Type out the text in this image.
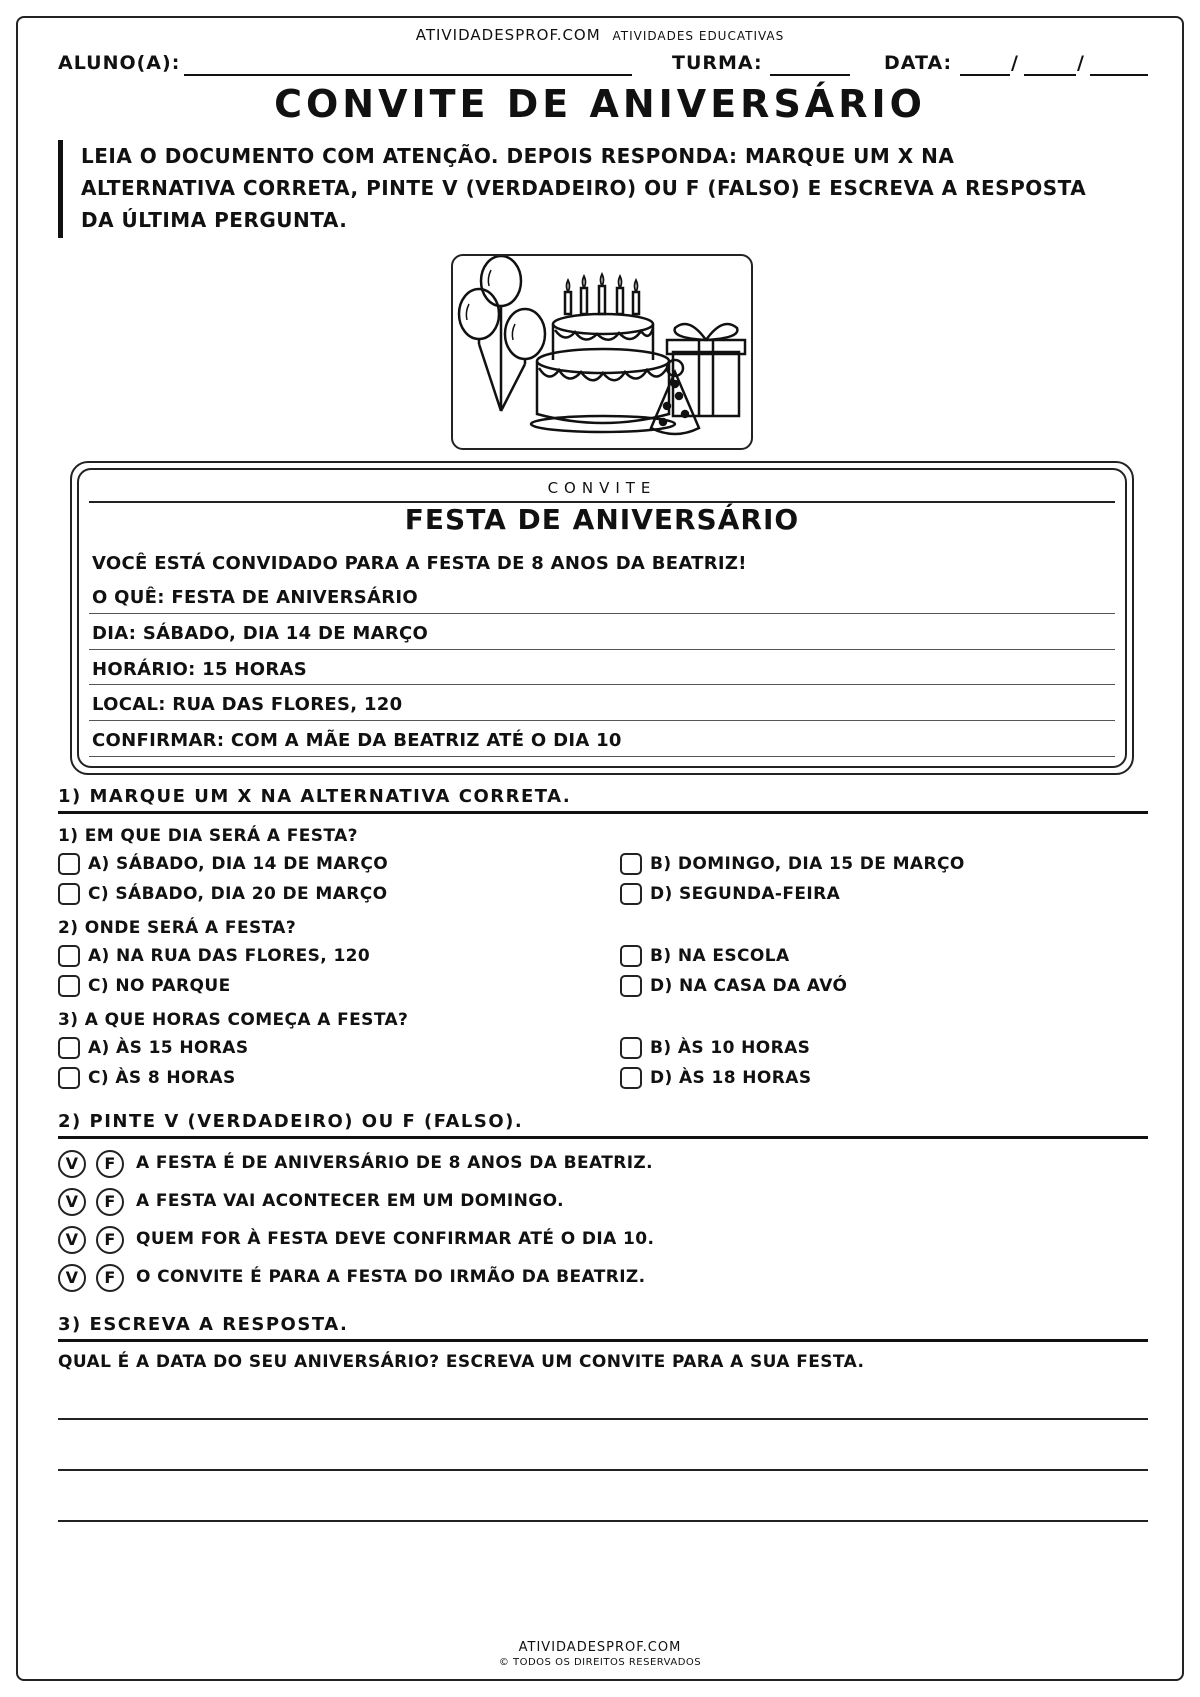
ATIVIDADESPROF.COM ATIVIDADES EDUCATIVAS
ALUNO(A):	TURMA:	DATA:	/	/
CONVITE DE ANIVERSÁRIO
LEIA O DOCUMENTO COM ATENÇÃO. DEPOIS RESPONDA: MARQUE UM X NA ALTERNATIVA CORRETA, PINTE V (VERDADEIRO) OU F (FALSO) E ESCREVA A RESPOSTA DA ÚLTIMA PERGUNTA.
CONVITE
FESTA DE ANIVERSÁRIO
VOCÊ ESTÁ CONVIDADO PARA A FESTA DE 8 ANOS DA BEATRIZ!
O QUÊ: FESTA DE ANIVERSÁRIO
DIA: SÁBADO, DIA 14 DE MARÇO
HORÁRIO: 15 HORAS
LOCAL: RUA DAS FLORES, 120
CONFIRMAR: COM A MÃE DA BEATRIZ ATÉ O DIA 10
1) MARQUE UM X NA ALTERNATIVA CORRETA.
1) EM QUE DIA SERÁ A FESTA?
A) SÁBADO, DIA 14 DE MARÇO	B) DOMINGO, DIA 15 DE MARÇO
C) SÁBADO, DIA 20 DE MARÇO	D) SEGUNDA-FEIRA
2) ONDE SERÁ A FESTA?
A) NA RUA DAS FLORES, 120	B) NA ESCOLA
C) NO PARQUE	D) NA CASA DA AVÓ
3) A QUE HORAS COMEÇA A FESTA?
A) ÀS 15 HORAS	B) ÀS 10 HORAS
C) ÀS 8 HORAS	D) ÀS 18 HORAS
2) PINTE V (VERDADEIRO) OU F (FALSO).
V	F	A FESTA É DE ANIVERSÁRIO DE 8 ANOS DA BEATRIZ.
V	F	A FESTA VAI ACONTECER EM UM DOMINGO.
V	F	QUEM FOR À FESTA DEVE CONFIRMAR ATÉ O DIA 10.
V	F	O CONVITE É PARA A FESTA DO IRMÃO DA BEATRIZ.
3) ESCREVA A RESPOSTA.
QUAL É A DATA DO SEU ANIVERSÁRIO? ESCREVA UM CONVITE PARA A SUA FESTA.
ATIVIDADESPROF.COM
© TODOS OS DIREITOS RESERVADOS
